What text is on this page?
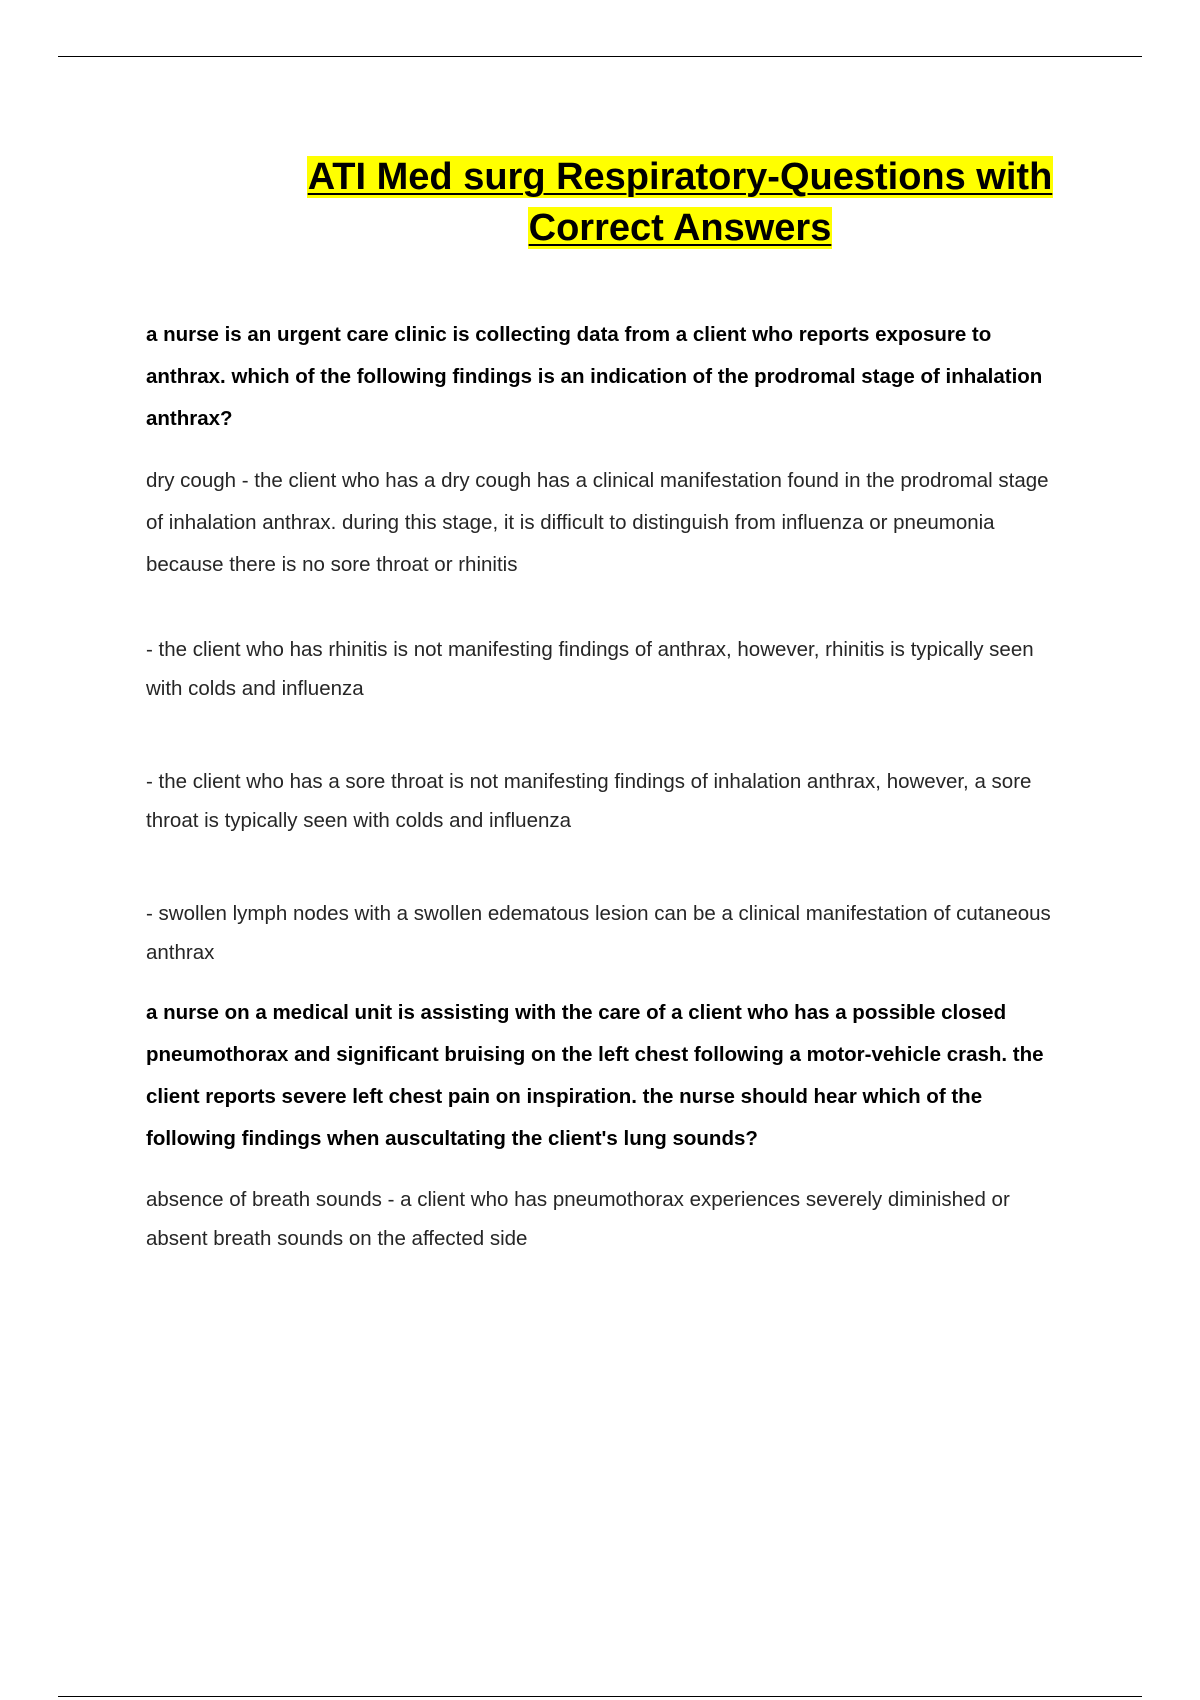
ATI Med surg Respiratory-Questions with Correct Answers

a nurse is an urgent care clinic is collecting data from a client who reports exposure to anthrax. which of the following findings is an indication of the prodromal stage of inhalation anthrax?

dry cough - the client who has a dry cough has a clinical manifestation found in the prodromal stage of inhalation anthrax. during this stage, it is difficult to distinguish from influenza or pneumonia because there is no sore throat or rhinitis

- the client who has rhinitis is not manifesting findings of anthrax, however, rhinitis is typically seen with colds and influenza

- the client who has a sore throat is not manifesting findings of inhalation anthrax, however, a sore throat is typically seen with colds and influenza

- swollen lymph nodes with a swollen edematous lesion can be a clinical manifestation of cutaneous anthrax

a nurse on a medical unit is assisting with the care of a client who has a possible closed pneumothorax and significant bruising on the left chest following a motor-vehicle crash. the client reports severe left chest pain on inspiration. the nurse should hear which of the following findings when auscultating the client's lung sounds?

absence of breath sounds - a client who has pneumothorax experiences severely diminished or absent breath sounds on the affected side
